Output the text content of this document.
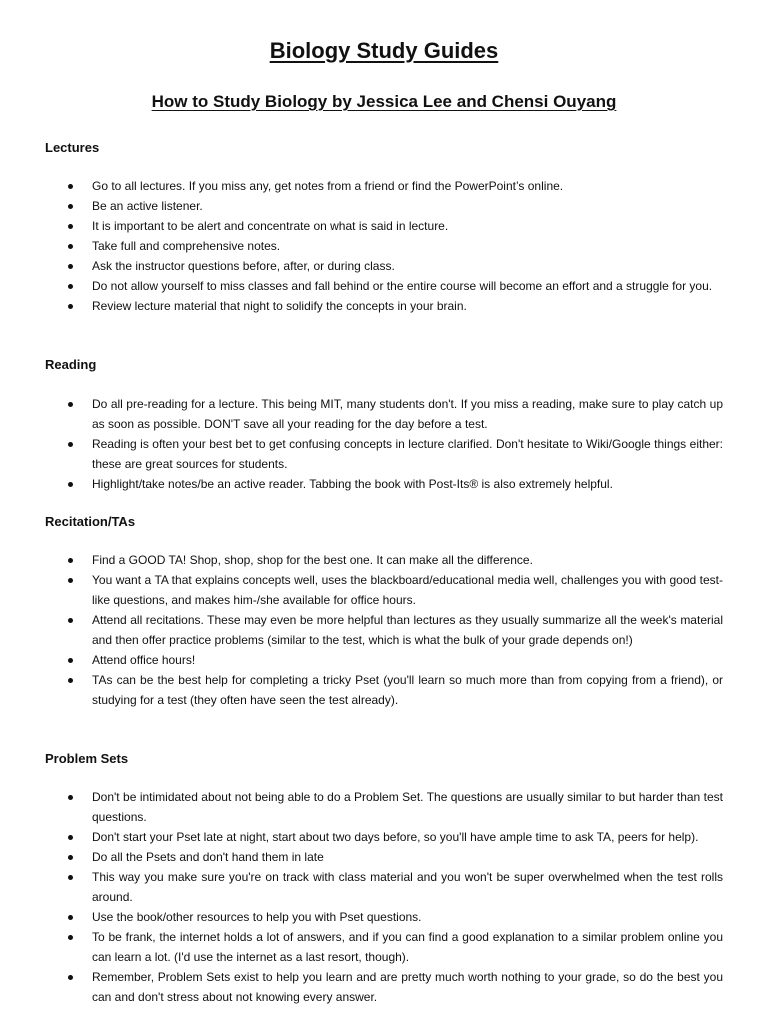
Biology Study Guides
How to Study Biology by Jessica Lee and Chensi Ouyang

Lectures

Go to all lectures. If you miss any, get notes from a friend or find the PowerPoint’s online.
Be an active listener.
It is important to be alert and concentrate on what is said in lecture.
Take full and comprehensive notes.
Ask the instructor questions before, after, or during class.
Do not allow yourself to miss classes and fall behind or the entire course will become an effort and a struggle for you.
Review lecture material that night to solidify the concepts in your brain.

Reading

Do all pre-reading for a lecture. This being MIT, many students don't. If you miss a reading, make sure to play catch up as soon as possible. DON'T save all your reading for the day before a test.
Reading is often your best bet to get confusing concepts in lecture clarified. Don't hesitate to Wiki/Google things either: these are great sources for students.
Highlight/take notes/be an active reader. Tabbing the book with Post-Its® is also extremely helpful.

Recitation/TAs

Find a GOOD TA! Shop, shop, shop for the best one. It can make all the difference.
You want a TA that explains concepts well, uses the blackboard/educational media well, challenges you with good test-like questions, and makes him-/she available for office hours.
Attend all recitations. These may even be more helpful than lectures as they usually summarize all the week's material and then offer practice problems (similar to the test, which is what the bulk of your grade depends on!)
Attend office hours!
TAs can be the best help for completing a tricky Pset (you'll learn so much more than from copying from a friend), or studying for a test (they often have seen the test already).

Problem Sets

Don't be intimidated about not being able to do a Problem Set. The questions are usually similar to but harder than test questions.
Don't start your Pset late at night, start about two days before, so you'll have ample time to ask TA, peers for help).
Do all the Psets and don't hand them in late
This way you make sure you're on track with class material and you won't be super overwhelmed when the test rolls around.
Use the book/other resources to help you with Pset questions.
To be frank, the internet holds a lot of answers, and if you can find a good explanation to a similar problem online you can learn a lot. (I'd use the internet as a last resort, though).
Remember, Problem Sets exist to help you learn and are pretty much worth nothing to your grade, so do the best you can and don't stress about not knowing every answer.
